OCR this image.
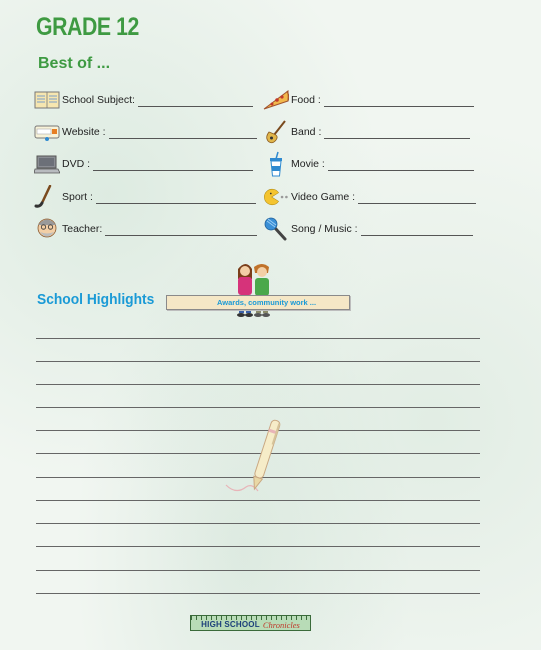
GRADE 12
Best of ...
School Subject:
Website :
DVD :
Sport :
Teacher:
Food :
Band :
Movie :
Video Game :
Song / Music :
School Highlights	Awards, community work ...
HIGH SCHOOL Chronicles
